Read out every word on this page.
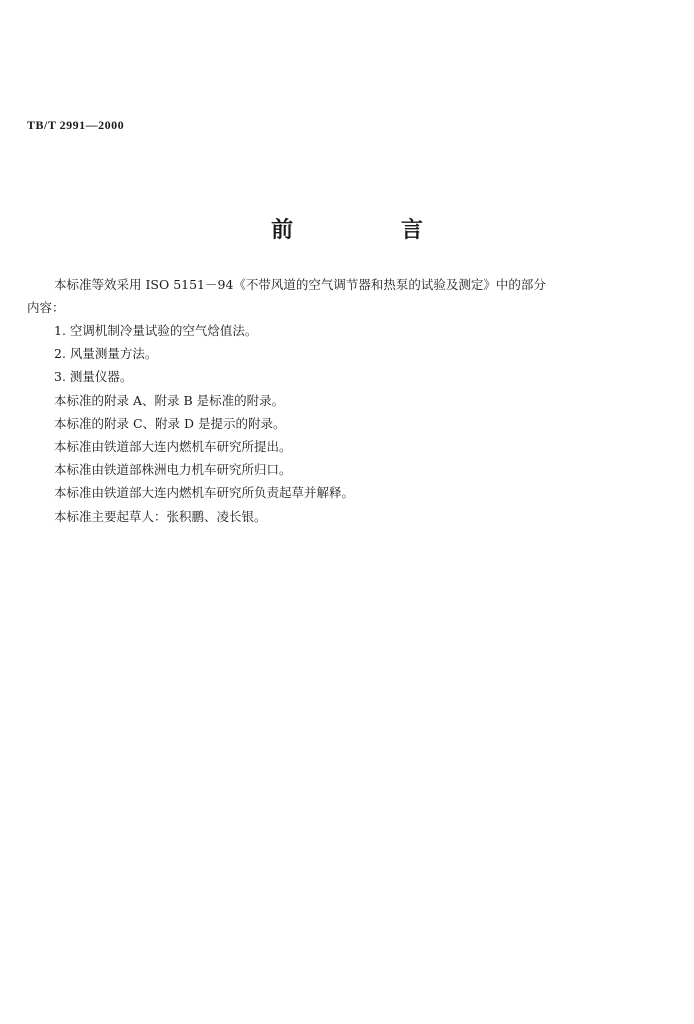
TB/T 2991—2000
前 言

本标准等效采用 ISO 5151－94《不带风道的空气调节器和热泵的试验及测定》中的部分
内容：

1. 空调机制冷量试验的空气焓值法。

2. 风量测量方法。

3. 测量仪器。

本标准的附录 A、附录 B 是标准的附录。

本标准的附录 C、附录 D 是提示的附录。

本标准由铁道部大连内燃机车研究所提出。

本标准由铁道部株洲电力机车研究所归口。

本标准由铁道部大连内燃机车研究所负责起草并解释。

本标准主要起草人：张积鹏、凌长银。
